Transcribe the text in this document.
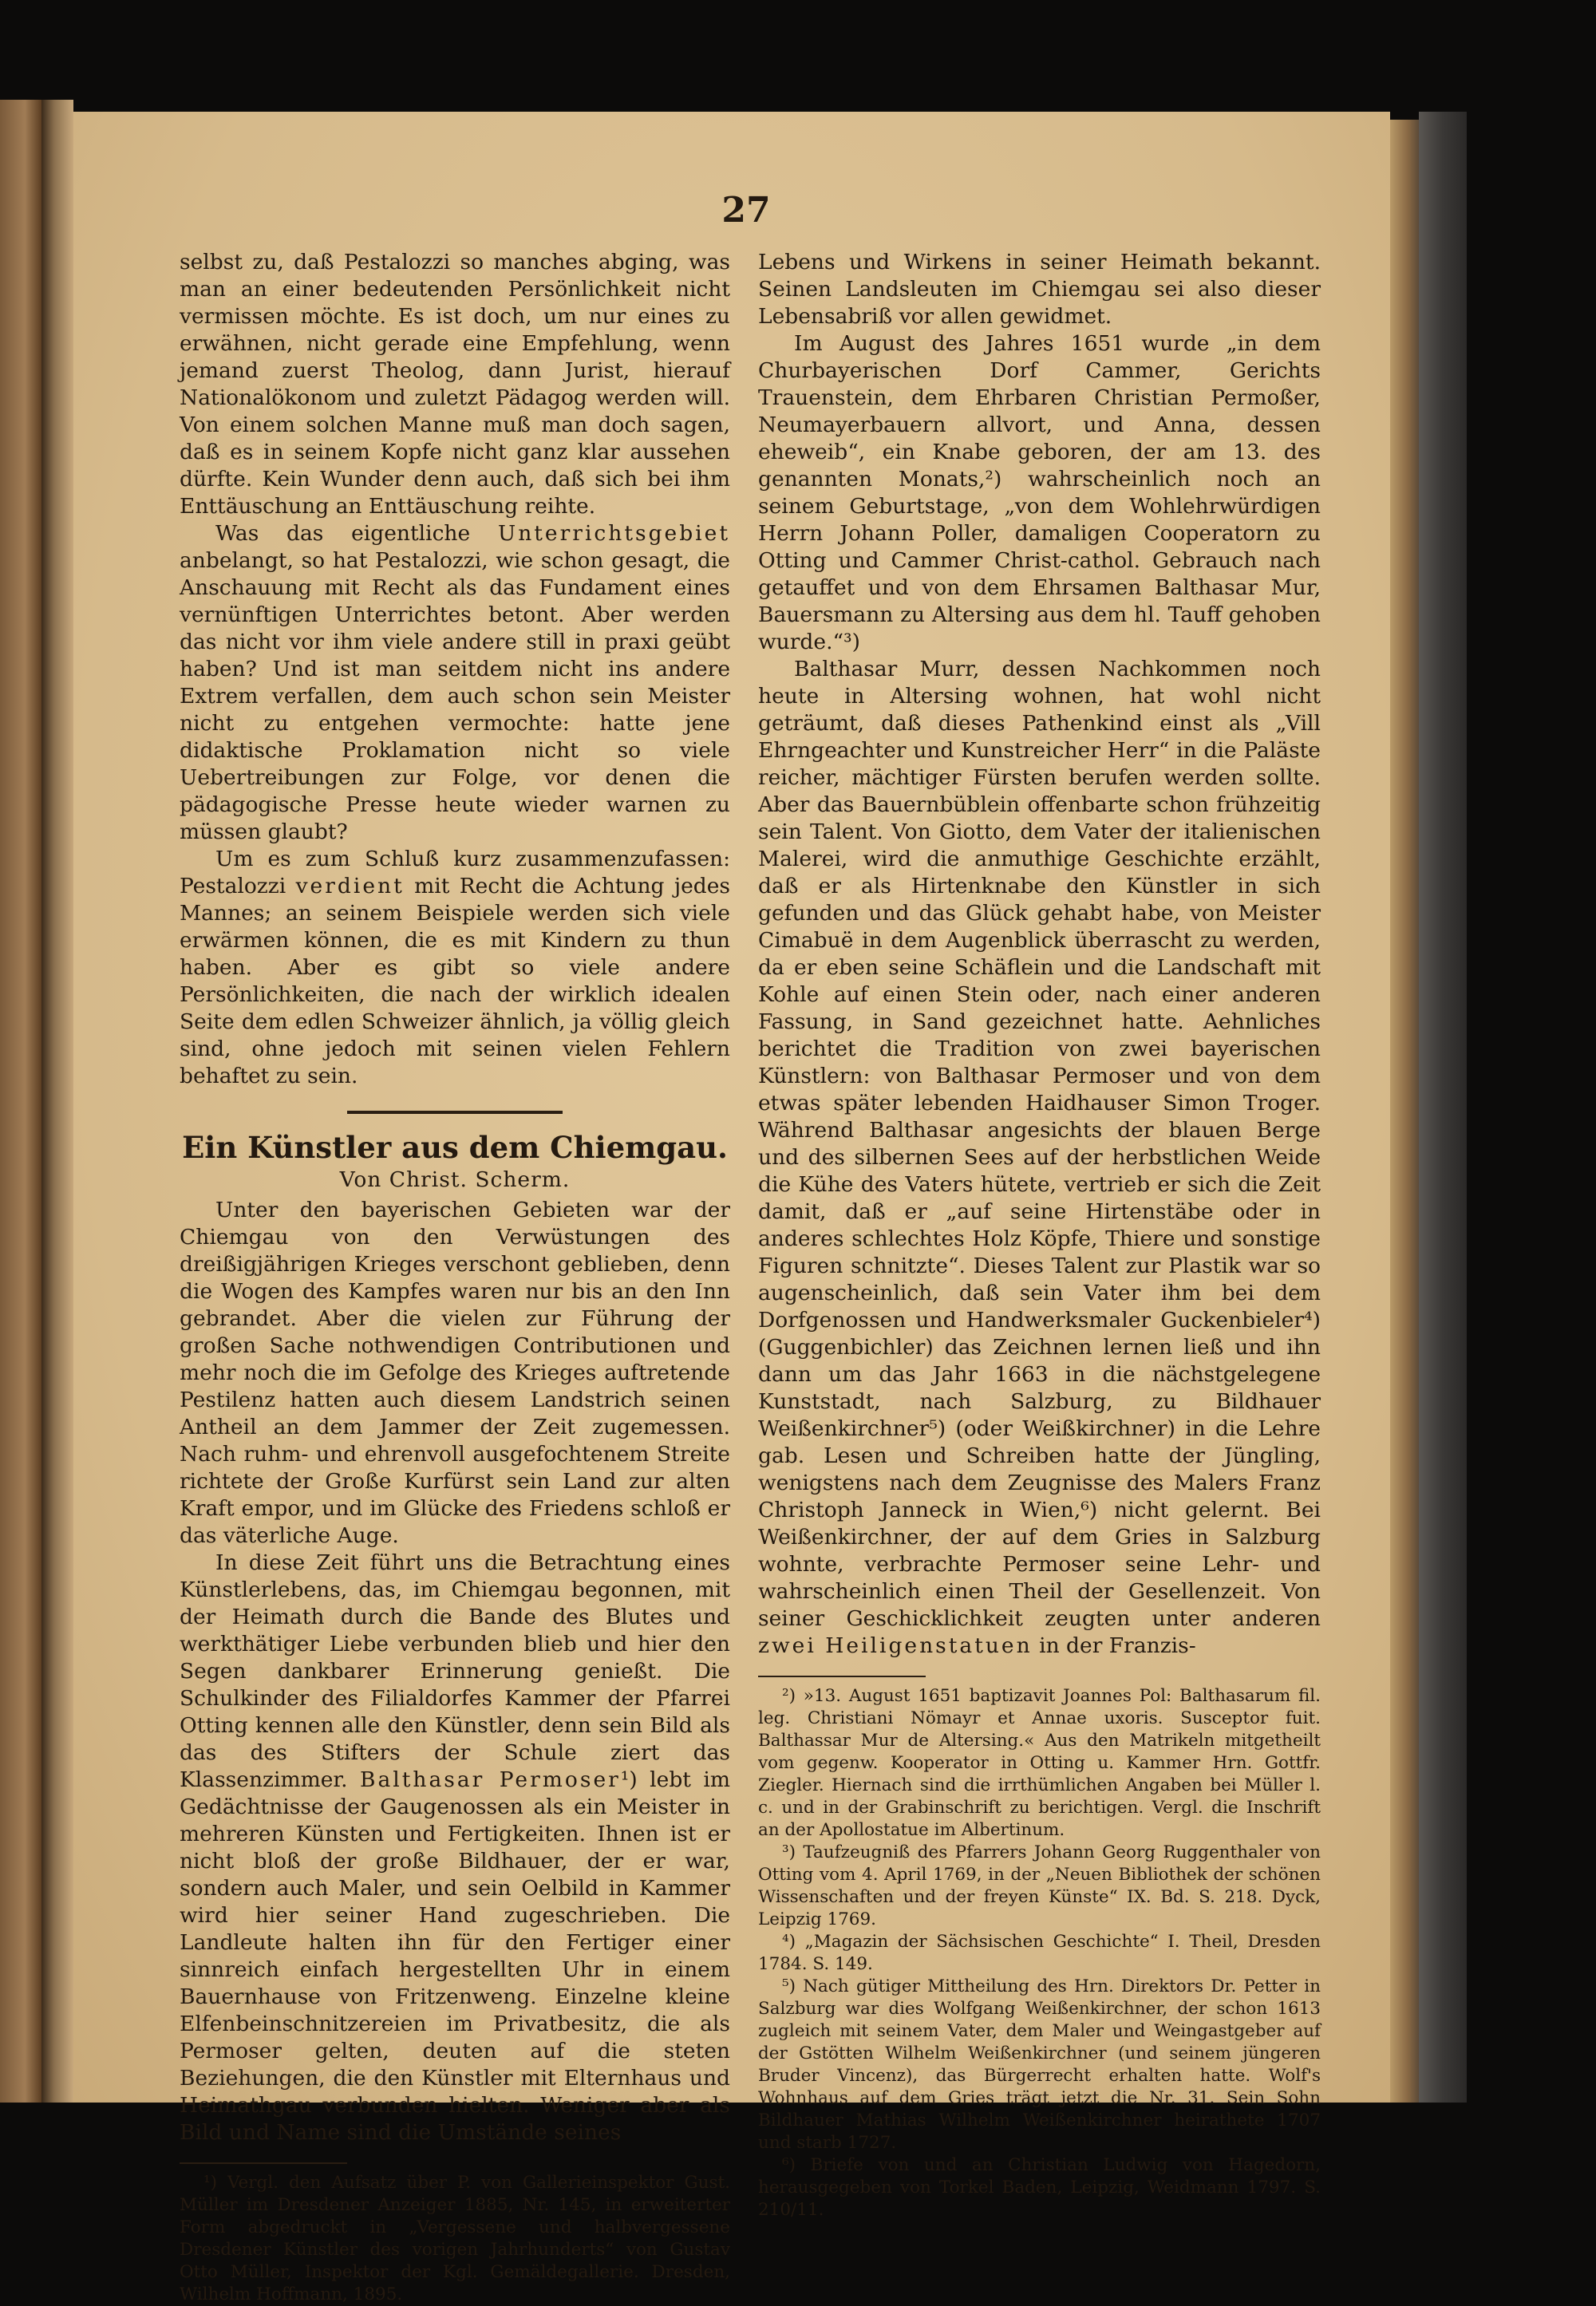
27

selbst zu, daß Pestalozzi so manches abging, was man an einer bedeutenden Persönlichkeit nicht vermissen möchte. Es ist doch, um nur eines zu erwähnen, nicht gerade eine Empfehlung, wenn jemand zuerst Theolog, dann Jurist, hierauf Nationalökonom und zuletzt Pädagog werden will. Von einem solchen Manne muß man doch sagen, daß es in seinem Kopfe nicht ganz klar aussehen dürfte. Kein Wunder denn auch, daß sich bei ihm Enttäuschung an Enttäuschung reihte.

Was das eigentliche Unterrichtsgebiet anbelangt, so hat Pestalozzi, wie schon gesagt, die Anschauung mit Recht als das Fundament eines vernünftigen Unterrichtes betont. Aber werden das nicht vor ihm viele andere still in praxi geübt haben? Und ist man seitdem nicht ins andere Extrem verfallen, dem auch schon sein Meister nicht zu entgehen vermochte: hatte jene didaktische Proklamation nicht so viele Uebertreibungen zur Folge, vor denen die pädagogische Presse heute wieder warnen zu müssen glaubt?

Um es zum Schluß kurz zusammenzufassen: Pestalozzi verdient mit Recht die Achtung jedes Mannes; an seinem Beispiele werden sich viele erwärmen können, die es mit Kindern zu thun haben. Aber es gibt so viele andere Persönlichkeiten, die nach der wirklich idealen Seite dem edlen Schweizer ähnlich, ja völlig gleich sind, ohne jedoch mit seinen vielen Fehlern behaftet zu sein.

Ein Künstler aus dem Chiemgau.
Von Christ. Scherm.

Unter den bayerischen Gebieten war der Chiemgau von den Verwüstungen des dreißigjährigen Krieges verschont geblieben, denn die Wogen des Kampfes waren nur bis an den Inn gebrandet. Aber die vielen zur Führung der großen Sache nothwendigen Contributionen und mehr noch die im Gefolge des Krieges auftretende Pestilenz hatten auch diesem Landstrich seinen Antheil an dem Jammer der Zeit zugemessen. Nach ruhm- und ehrenvoll ausgefochtenem Streite richtete der Große Kurfürst sein Land zur alten Kraft empor, und im Glücke des Friedens schloß er das väterliche Auge.

In diese Zeit führt uns die Betrachtung eines Künstlerlebens, das, im Chiemgau begonnen, mit der Heimath durch die Bande des Blutes und werkthätiger Liebe verbunden blieb und hier den Segen dankbarer Erinnerung genießt. Die Schulkinder des Filialdorfes Kammer der Pfarrei Otting kennen alle den Künstler, denn sein Bild als das des Stifters der Schule ziert das Klassenzimmer. Balthasar Permoser¹) lebt im Gedächtnisse der Gaugenossen als ein Meister in mehreren Künsten und Fertigkeiten. Ihnen ist er nicht bloß der große Bildhauer, der er war, sondern auch Maler, und sein Oelbild in Kammer wird hier seiner Hand zugeschrieben. Die Landleute halten ihn für den Fertiger einer sinnreich einfach hergestellten Uhr in einem Bauernhause von Fritzenweng. Einzelne kleine Elfenbeinschnitzereien im Privatbesitz, die als Permoser gelten, deuten auf die steten Beziehungen, die den Künstler mit Elternhaus und Heimathgau verbunden hielten. Weniger aber als Bild und Name sind die Umstände seines

¹) Vergl. den Aufsatz über P. von Galleriеinspektor Gust. Müller im Dresdener Anzeiger 1885, Nr. 145, in erweiterter Form abgedruckt in „Vergessene und halbvergessene Dresdener Künstler des vorigen Jahrhunderts“ von Gustav Otto Müller, Inspektor der Kgl. Gemäldegallerie. Dresden, Wilhelm Hoffmann, 1895.

Lebens und Wirkens in seiner Heimath bekannt. Seinen Landsleuten im Chiemgau sei also dieser Lebensabriß vor allen gewidmet.

Im August des Jahres 1651 wurde „in dem Churbayerischen Dorf Cammer, Gerichts Trauenstein, dem Ehrbaren Christian Permoßer, Neumayerbauern allvort, und Anna, dessen eheweib“, ein Knabe geboren, der am 13. des genannten Monats,²) wahrscheinlich noch an seinem Geburtstage, „von dem Wohlehrwürdigen Herrn Johann Poller, damaligen Cooperatorn zu Otting und Cammer Christ-cathol. Gebrauch nach getauffet und von dem Ehrsamen Balthasar Mur, Bauersmann zu Altersing aus dem hl. Tauff gehoben wurde.“³)

Balthasar Murr, dessen Nachkommen noch heute in Altersing wohnen, hat wohl nicht geträumt, daß dieses Pathenkind einst als „Vill Ehrngeachter und Kunstreicher Herr“ in die Paläste reicher, mächtiger Fürsten berufen werden sollte. Aber das Bauernbüblein offenbarte schon frühzeitig sein Talent. Von Giotto, dem Vater der italienischen Malerei, wird die anmuthige Geschichte erzählt, daß er als Hirtenknabe den Künstler in sich gefunden und das Glück gehabt habe, von Meister Cimabuë in dem Augenblick überrascht zu werden, da er eben seine Schäflein und die Landschaft mit Kohle auf einen Stein oder, nach einer anderen Fassung, in Sand gezeichnet hatte. Aehnliches berichtet die Tradition von zwei bayerischen Künstlern: von Balthasar Permoser und von dem etwas später lebenden Haidhauser Simon Troger. Während Balthasar angesichts der blauen Berge und des silbernen Sees auf der herbstlichen Weide die Kühe des Vaters hütete, vertrieb er sich die Zeit damit, daß er „auf seine Hirtenstäbe oder in anderes schlechtes Holz Köpfe, Thiere und sonstige Figuren schnitzte“. Dieses Talent zur Plastik war so augenscheinlich, daß sein Vater ihm bei dem Dorfgenossen und Handwerksmaler Guckenbieler⁴) (Guggenbichler) das Zeichnen lernen ließ und ihn dann um das Jahr 1663 in die nächstgelegene Kunststadt, nach Salzburg, zu Bildhauer Weißenkirchner⁵) (oder Weißkirchner) in die Lehre gab. Lesen und Schreiben hatte der Jüngling, wenigstens nach dem Zeugnisse des Malers Franz Christoph Janneck in Wien,⁶) nicht gelernt. Bei Weißenkirchner, der auf dem Gries in Salzburg wohnte, verbrachte Permoser seine Lehr- und wahrscheinlich einen Theil der Gesellenzeit. Von seiner Geschicklichkeit zeugten unter anderen zwei Heiligenstatuen in der Franzis-

²) »13. August 1651 baptizavit Joannes Pol: Balthasarum fil. leg. Christiani Nömayr et Annae uxoris. Susceptor fuit. Balthassar Mur de Altersing.« Aus den Matrikeln mitgetheilt vom gegenw. Kooperator in Otting u. Kammer Hrn. Gottfr. Ziegler. Hiernach sind die irrthümlichen Angaben bei Müller l. c. und in der Grabinschrift zu berichtigen. Vergl. die Inschrift an der Apollostatue im Albertinum.

³) Taufzeugniß des Pfarrers Johann Georg Ruggenthaler von Otting vom 4. April 1769, in der „Neuen Bibliothek der schönen Wissenschaften und der freyen Künste“ IX. Bd. S. 218. Dyck, Leipzig 1769.

⁴) „Magazin der Sächsischen Geschichte“ I. Theil, Dresden 1784. S. 149.

⁵) Nach gütiger Mittheilung des Hrn. Direktors Dr. Petter in Salzburg war dies Wolfgang Weißenkirchner, der schon 1613 zugleich mit seinem Vater, dem Maler und Weingastgeber auf der Gstötten Wilhelm Weißenkirchner (und seinem jüngeren Bruder Vincenz), das Bürgerrecht erhalten hatte. Wolf's Wohnhaus auf dem Gries trägt jetzt die Nr. 31. Sein Sohn Bildhauer Mathias Wilhelm Weißenkirchner heirathete 1707 und starb 1727.

⁶) Briefe von und an Christian Ludwig von Hagedorn, herausgegeben von Torkel Baden, Leipzig, Weidmann 1797. S. 210/11.
